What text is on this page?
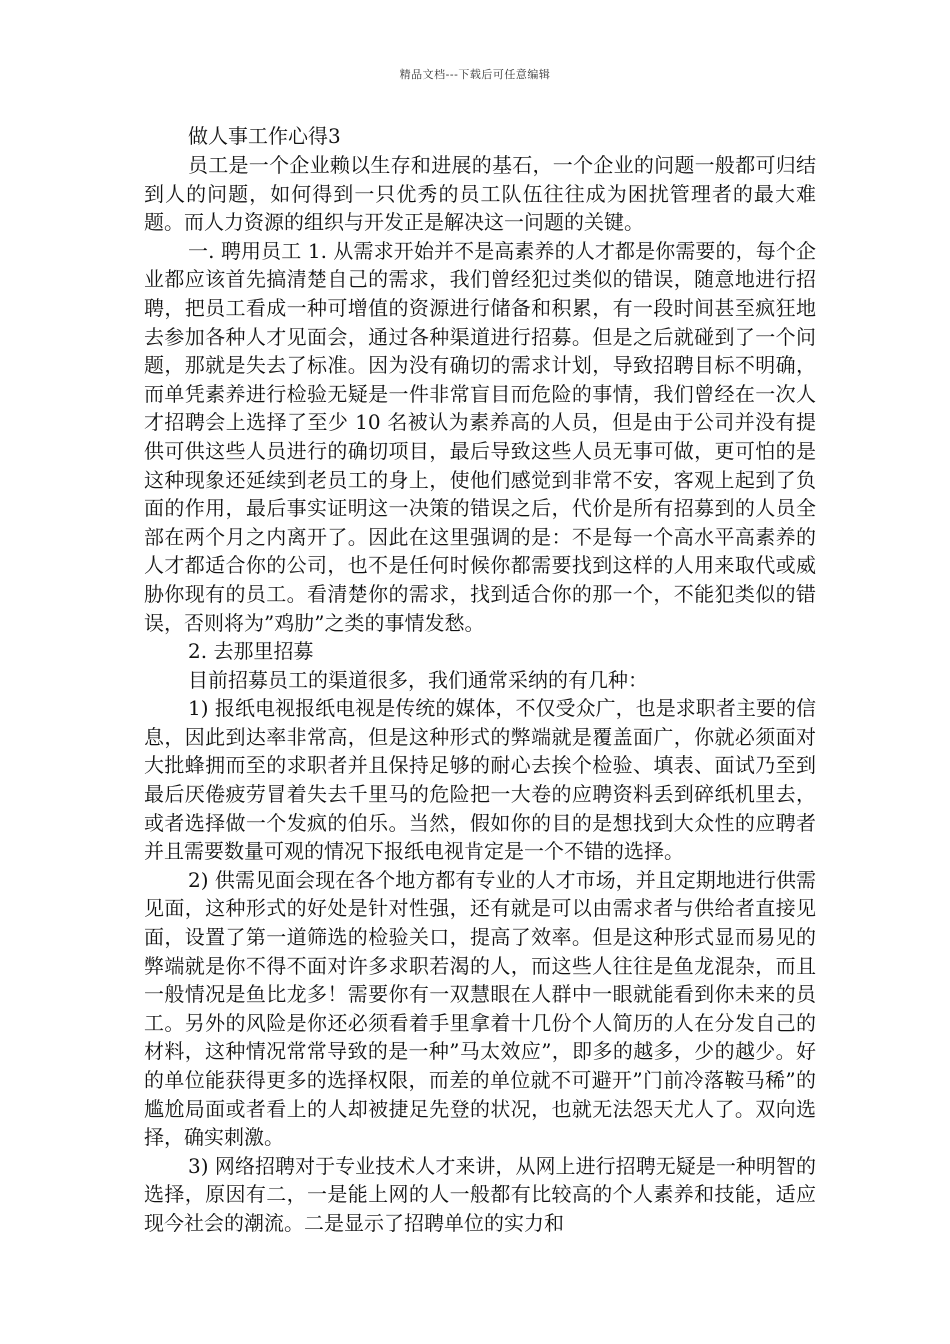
精品文档---下载后可任意编辑

做人事工作心得3

员工是一个企业赖以生存和进展的基石，一个企业的问题一般都可归结到人的问题，如何得到一只优秀的员工队伍往往成为困扰管理者的最大难题。而人力资源的组织与开发正是解决这一问题的关键。

一. 聘用员工 1. 从需求开始并不是高素养的人才都是你需要的，每个企业都应该首先搞清楚自己的需求，我们曾经犯过类似的错误，随意地进行招聘，把员工看成一种可增值的资源进行储备和积累，有一段时间甚至疯狂地去参加各种人才见面会，通过各种渠道进行招募。但是之后就碰到了一个问题，那就是失去了标准。因为没有确切的需求计划，导致招聘目标不明确，而单凭素养进行检验无疑是一件非常盲目而危险的事情，我们曾经在一次人才招聘会上选择了至少 10 名被认为素养高的人员，但是由于公司并没有提供可供这些人员进行的确切项目，最后导致这些人员无事可做，更可怕的是这种现象还延续到老员工的身上，使他们感觉到非常不安，客观上起到了负面的作用，最后事实证明这一决策的错误之后，代价是所有招募到的人员全部在两个月之内离开了。因此在这里强调的是：不是每一个高水平高素养的人才都适合你的公司，也不是任何时候你都需要找到这样的人用来取代或威胁你现有的员工。看清楚你的需求，找到适合你的那一个，不能犯类似的错误，否则将为”鸡肋”之类的事情发愁。

2. 去那里招募

目前招募员工的渠道很多，我们通常采纳的有几种：

1) 报纸电视报纸电视是传统的媒体，不仅受众广，也是求职者主要的信息，因此到达率非常高，但是这种形式的弊端就是覆盖面广，你就必须面对大批蜂拥而至的求职者并且保持足够的耐心去挨个检验、填表、面试乃至到最后厌倦疲劳冒着失去千里马的危险把一大卷的应聘资料丢到碎纸机里去，或者选择做一个发疯的伯乐。当然，假如你的目的是想找到大众性的应聘者并且需要数量可观的情况下报纸电视肯定是一个不错的选择。

2) 供需见面会现在各个地方都有专业的人才市场，并且定期地进行供需见面，这种形式的好处是针对性强，还有就是可以由需求者与供给者直接见面，设置了第一道筛选的检验关口，提高了效率。但是这种形式显而易见的弊端就是你不得不面对许多求职若渴的人，而这些人往往是鱼龙混杂，而且一般情况是鱼比龙多！需要你有一双慧眼在人群中一眼就能看到你未来的员工。另外的风险是你还必须看着手里拿着十几份个人简历的人在分发自己的材料，这种情况常常导致的是一种”马太效应”，即多的越多，少的越少。好的单位能获得更多的选择权限，而差的单位就不可避开”门前冷落鞍马稀”的尴尬局面或者看上的人却被捷足先登的状况，也就无法怨天尤人了。双向选择，确实刺激。

3) 网络招聘对于专业技术人才来讲，从网上进行招聘无疑是一种明智的选择，原因有二，一是能上网的人一般都有比较高的个人素养和技能，适应现今社会的潮流。二是显示了招聘单位的实力和
